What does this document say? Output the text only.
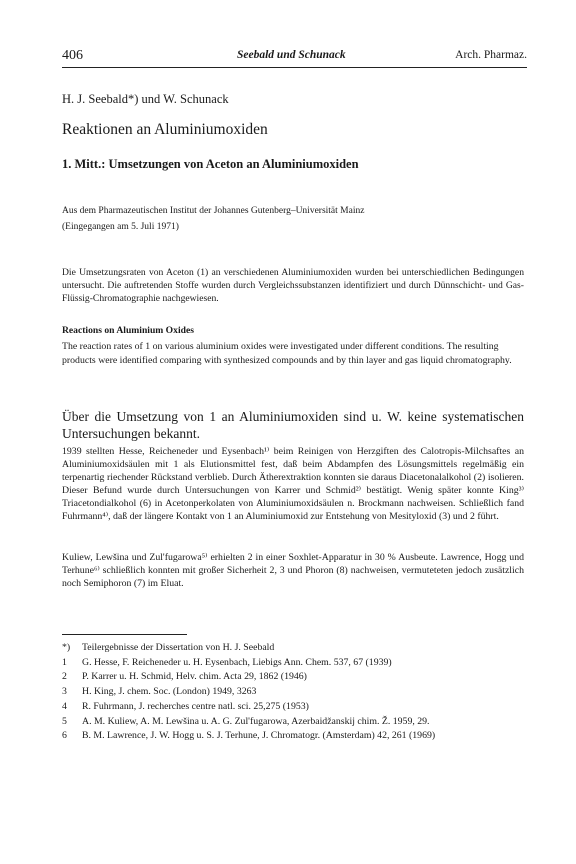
406	Seebald und Schunack	Arch. Pharmaz.
H. J. Seebald*) und W. Schunack
Reaktionen an Aluminiumoxiden
1. Mitt.: Umsetzungen von Aceton an Aluminiumoxiden
Aus dem Pharmazeutischen Institut der Johannes Gutenberg–Universität Mainz
(Eingegangen am 5. Juli 1971)
Die Umsetzungsraten von Aceton (1) an verschiedenen Aluminiumoxiden wurden bei unterschiedlichen Bedingungen untersucht. Die auftretenden Stoffe wurden durch Vergleichssubstanzen identifiziert und durch Dünnschicht- und Gas-Flüssig-Chromatographie nachgewiesen.
Reactions on Aluminium Oxides
The reaction rates of 1 on various aluminium oxides were investigated under different conditions. The resulting products were identified comparing with synthesized compounds and by thin layer and gas liquid chromatography.
Über die Umsetzung von 1 an Aluminiumoxiden sind u. W. keine systematischen Untersuchungen bekannt.
1939 stellten Hesse, Reicheneder und Eysenbach¹⁾ beim Reinigen von Herzgiften des Calotropis-Milchsaftes an Aluminiumoxidsäulen mit 1 als Elutionsmittel fest, daß beim Abdampfen des Lösungsmittels regelmäßig ein terpenartig riechender Rückstand verblieb. Durch Ätherextraktion konnten sie daraus Diacetonalalkohol (2) isolieren. Dieser Befund wurde durch Untersuchungen von Karrer und Schmid²⁾ bestätigt. Wenig später konnte King³⁾ Triacetondialkohol (6) in Acetonperkolaten von Aluminiumoxidsäulen n. Brockmann nachweisen. Schließlich fand Fuhrmann⁴⁾, daß der längere Kontakt von 1 an Aluminiumoxid zur Entstehung von Mesityloxid (3) und 2 führt.
Kuliew, Lewšina und Zul'fugarowa⁵⁾ erhielten 2 in einer Soxhlet-Apparatur in 30 % Ausbeute. Lawrence, Hogg und Terhune⁶⁾ schließlich konnten mit großer Sicherheit 2, 3 und Phoron (8) nachweisen, vermuteteten jedoch zusätzlich noch Semiphoron (7) im Eluat.
*) Teilergebnisse der Dissertation von H. J. Seebald
1 G. Hesse, F. Reicheneder u. H. Eysenbach, Liebigs Ann. Chem. 537, 67 (1939)
2 P. Karrer u. H. Schmid, Helv. chim. Acta 29, 1862 (1946)
3 H. King, J. chem. Soc. (London) 1949, 3263
4 R. Fuhrmann, J. recherches centre natl. sci. 25,275 (1953)
5 A. M. Kuliew, A. M. Lewšina u. A. G. Zul'fugarowa, Azerbaidžanskij chim. Ž. 1959, 29.
6 B. M. Lawrence, J. W. Hogg u. S. J. Terhune, J. Chromatogr. (Amsterdam) 42, 261 (1969)
